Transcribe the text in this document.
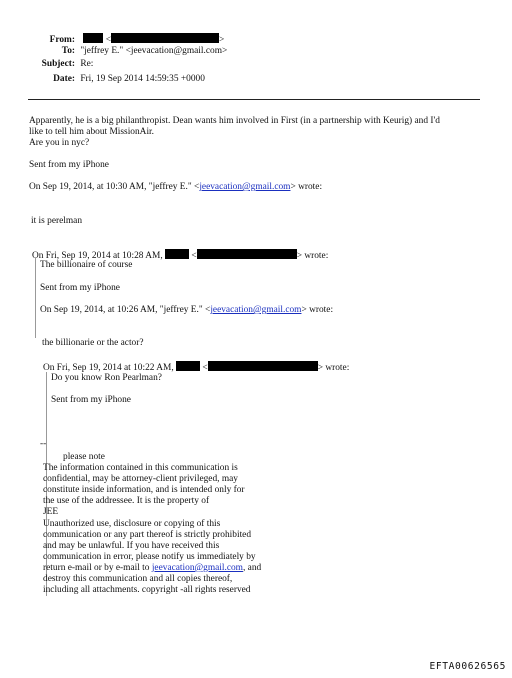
From:	<	>
To: "jeffrey E." <jeevacation@gmail.com>
Subject: Re:
Date: Fri, 19 Sep 2014 14:59:35 +0000
Apparently, he is a big philanthropist. Dean wants him involved in First (in a partnership with Keurig) and I'd
like to tell him about MissionAir.
Are you in nyc?
Sent from my iPhone
On Sep 19, 2014, at 10:30 AM, "jeffrey E." <jeevacation@gmail.com> wrote:
it is perelman
On Fri, Sep 19, 2014 at 10:28 AM,	<	> wrote:
The billionaire of course
Sent from my iPhone
On Sep 19, 2014, at 10:26 AM, "jeffrey E." <jeevacation@gmail.com> wrote:
the billionarie or the actor?
On Fri, Sep 19, 2014 at 10:22 AM,	<	> wrote:
Do you know Ron Pearlman?
Sent from my iPhone
--
please note
The information contained in this communication is
confidential, may be attorney-client privileged, may
constitute inside information, and is intended only for
the use of the addressee. It is the property of
JEE
Unauthorized use, disclosure or copying of this
communication or any part thereof is strictly prohibited
and may be unlawful. If you have received this
communication in error, please notify us immediately by
return e-mail or by e-mail to jeevacation@gmail.com, and
destroy this communication and all copies thereof,
including all attachments. copyright -all rights reserved
EFTA00626565
